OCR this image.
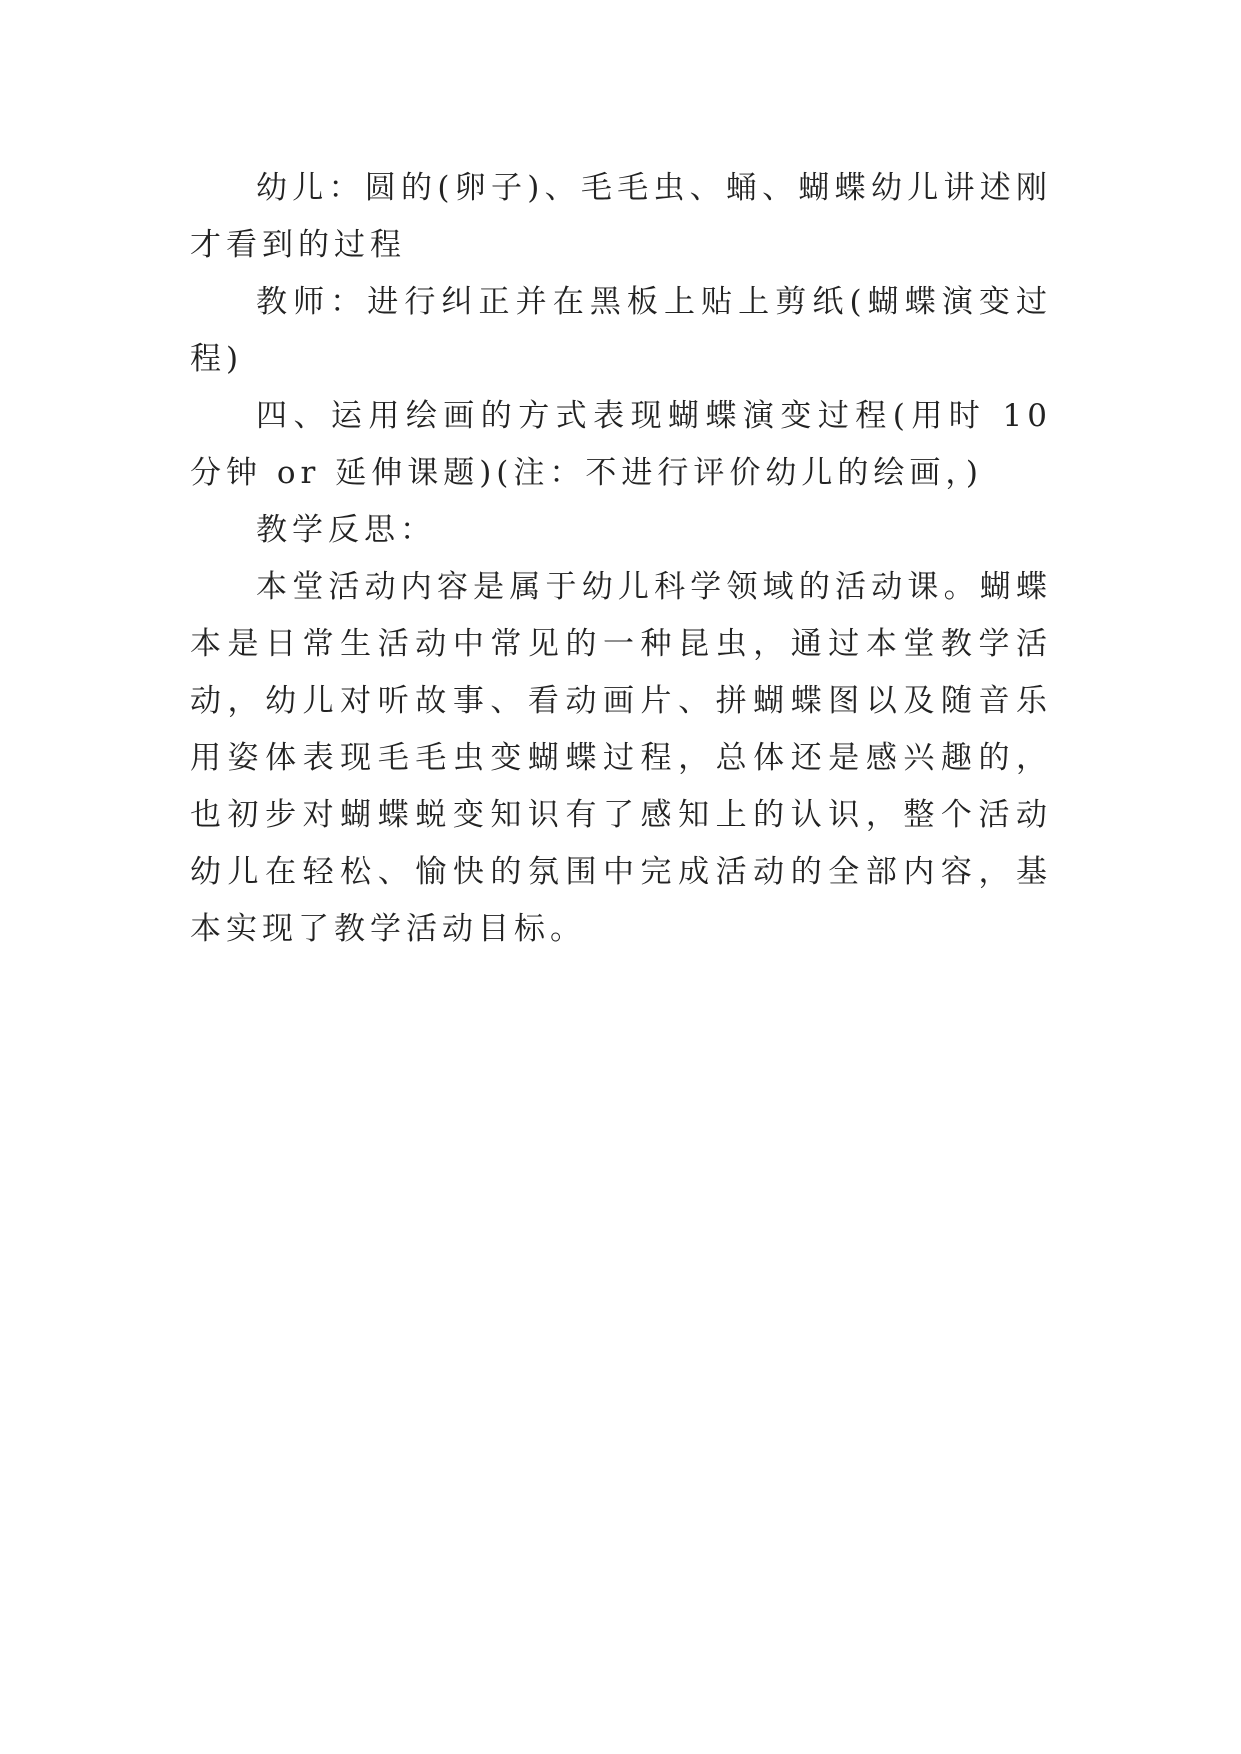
幼儿：圆的(卵子)、毛毛虫、蛹、蝴蝶幼儿讲述刚才看到的过程

教师：进行纠正并在黑板上贴上剪纸(蝴蝶演变过程)

四、运用绘画的方式表现蝴蝶演变过程(用时 10 分钟 or 延伸课题)(注：不进行评价幼儿的绘画，)

教学反思：

本堂活动内容是属于幼儿科学领域的活动课。蝴蝶本是日常生活动中常见的一种昆虫，通过本堂教学活动，幼儿对听故事、看动画片、拼蝴蝶图以及随音乐用姿体表现毛毛虫变蝴蝶过程，总体还是感兴趣的，也初步对蝴蝶蜕变知识有了感知上的认识，整个活动幼儿在轻松、愉快的氛围中完成活动的全部内容，基本实现了教学活动目标。
